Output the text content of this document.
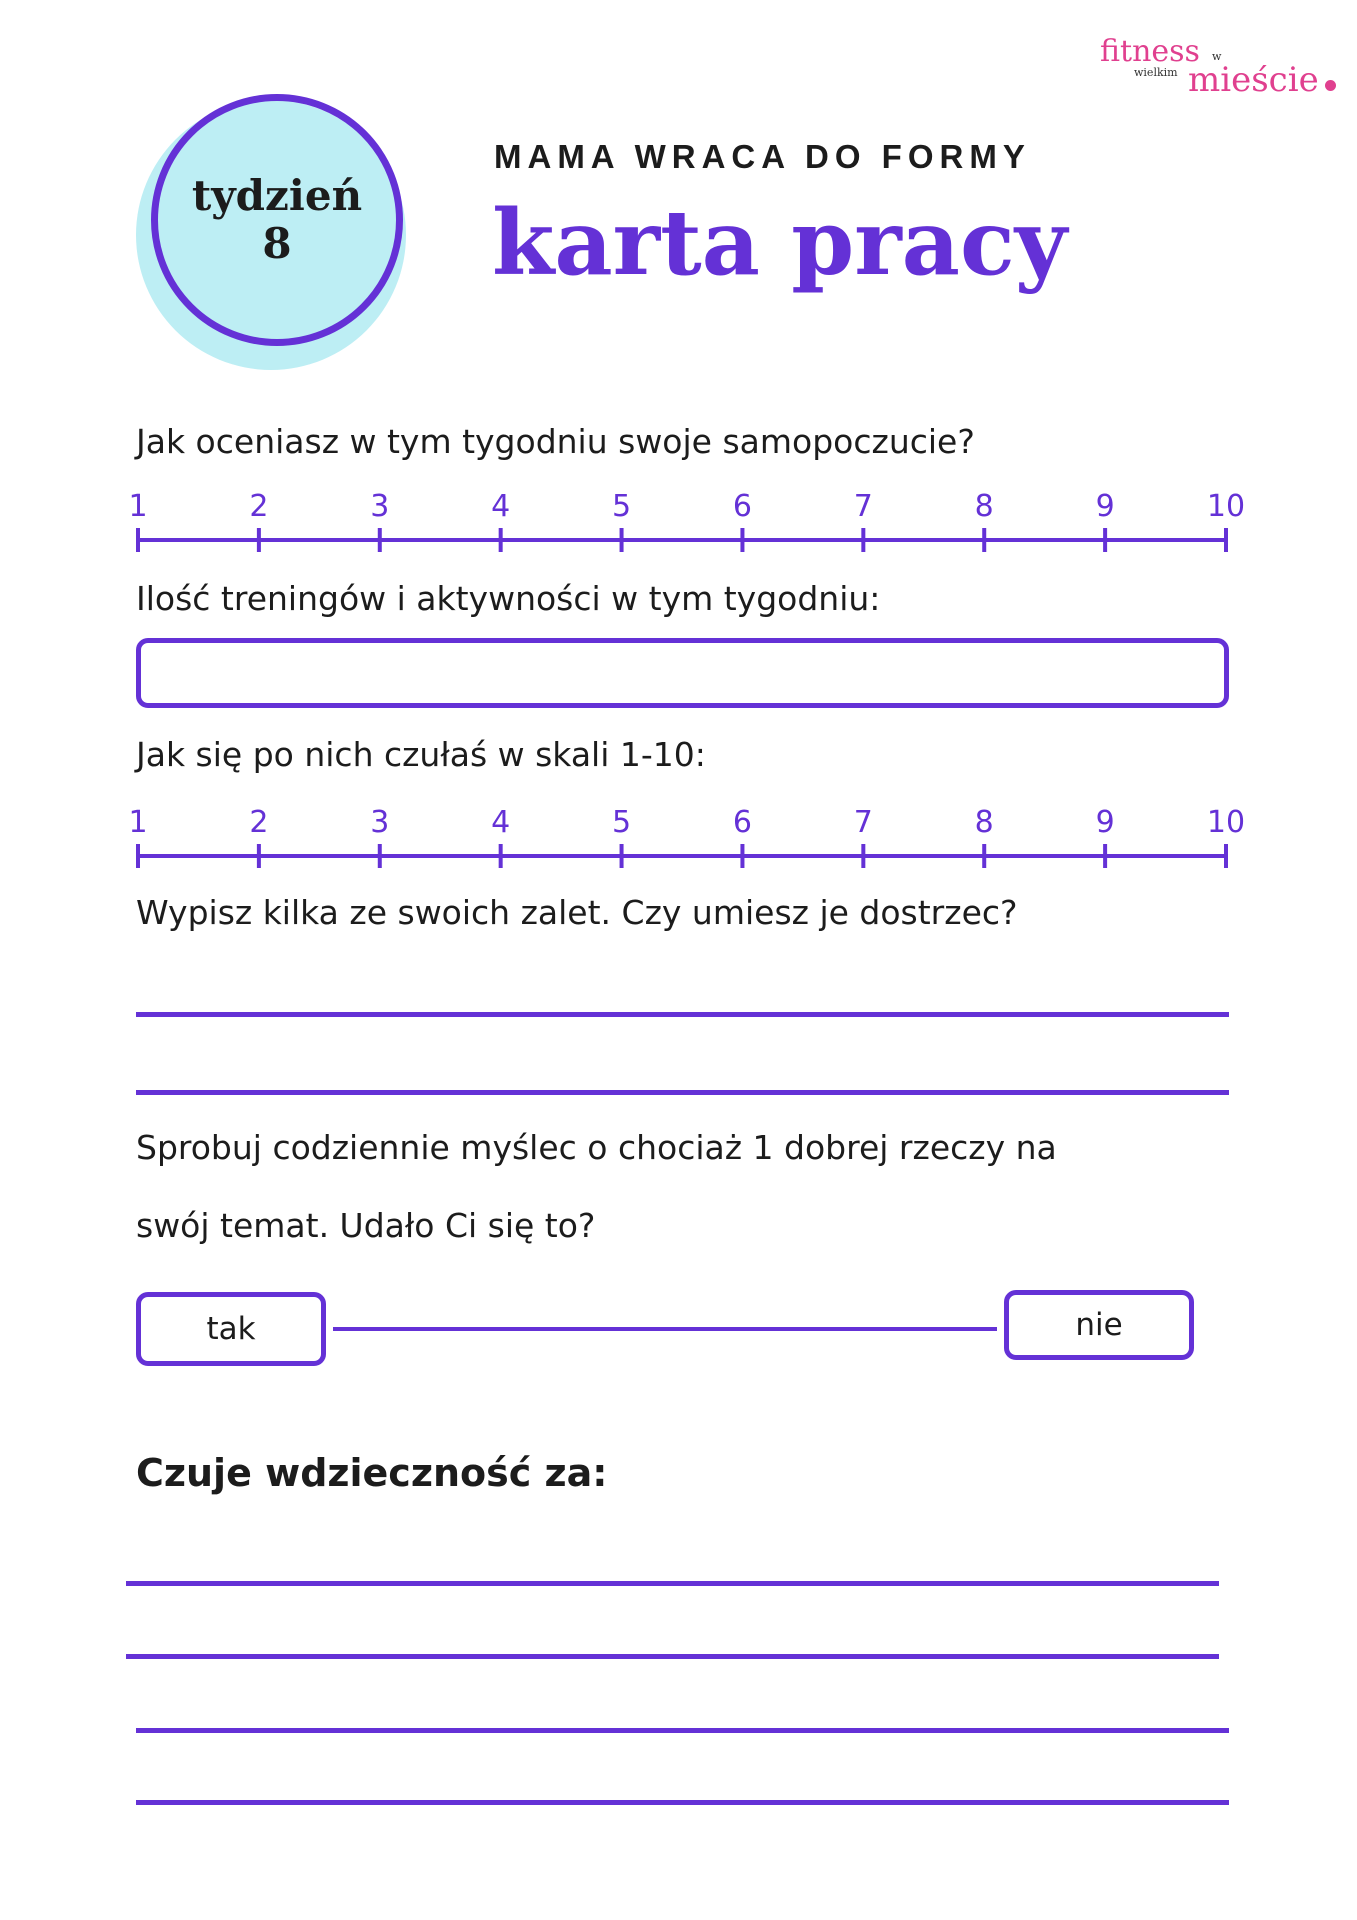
fitness w
wielkim mieście
tydzień
8
MAMA WRACA DO FORMY
karta pracy
Jak oceniasz w tym tygodniu swoje samopoczucie?
1	2	3	4	5	6	7	8	9	10
Ilość treningów i aktywności w tym tygodniu:
Jak się po nich czułaś w skali 1-10:
1	2	3	4	5	6	7	8	9	10
Wypisz kilka ze swoich zalet. Czy umiesz je dostrzec?
Sprobuj codziennie myślec o chociaż 1 dobrej rzeczy na
swój temat. Udało Ci się to?
tak	nie
Czuje wdzieczność za:
